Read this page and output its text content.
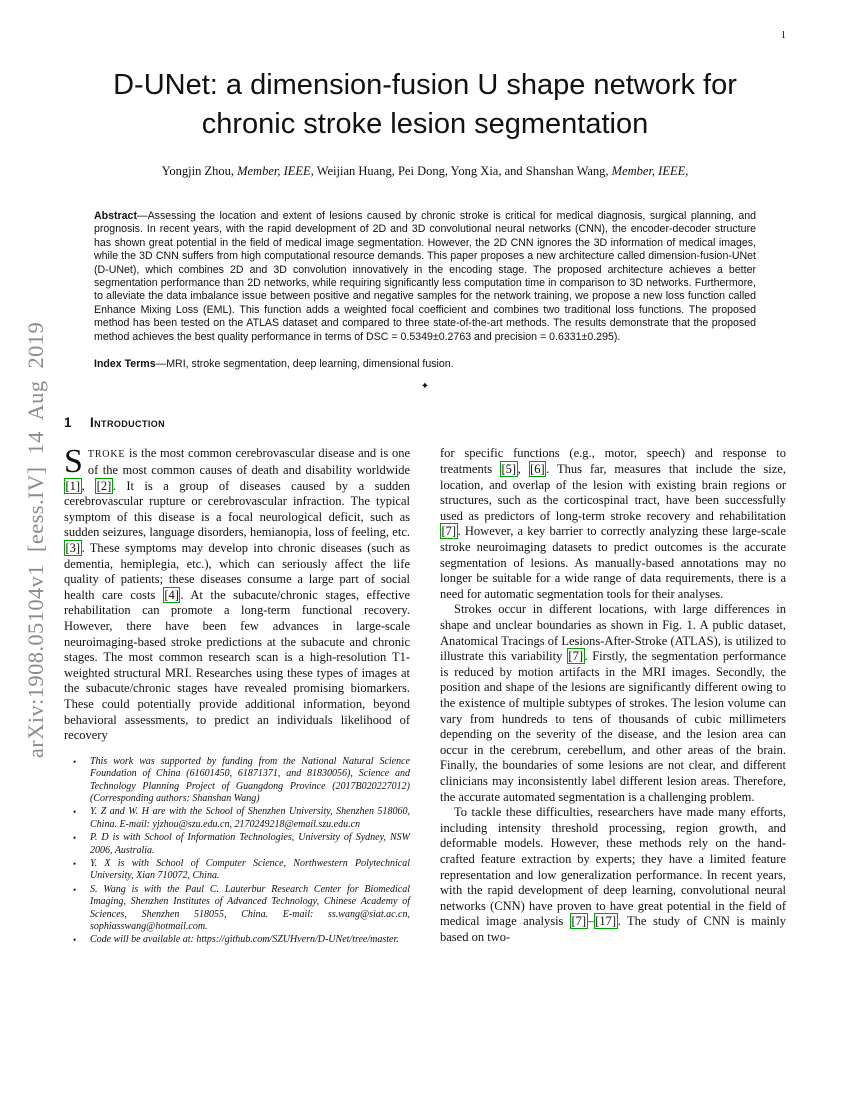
1
arXiv:1908.05104v1 [eess.IV] 14 Aug 2019
D-UNet: a dimension-fusion U shape network for chronic stroke lesion segmentation
Yongjin Zhou, Member, IEEE, Weijian Huang, Pei Dong, Yong Xia, and Shanshan Wang, Member, IEEE,
Abstract—Assessing the location and extent of lesions caused by chronic stroke is critical for medical diagnosis, surgical planning, and prognosis. In recent years, with the rapid development of 2D and 3D convolutional neural networks (CNN), the encoder-decoder structure has shown great potential in the field of medical image segmentation. However, the 2D CNN ignores the 3D information of medical images, while the 3D CNN suffers from high computational resource demands. This paper proposes a new architecture called dimension-fusion-UNet (D-UNet), which combines 2D and 3D convolution innovatively in the encoding stage. The proposed architecture achieves a better segmentation performance than 2D networks, while requiring significantly less computation time in comparison to 3D networks. Furthermore, to alleviate the data imbalance issue between positive and negative samples for the network training, we propose a new loss function called Enhance Mixing Loss (EML). This function adds a weighted focal coefficient and combines two traditional loss functions. The proposed method has been tested on the ATLAS dataset and compared to three state-of-the-art methods. The results demonstrate that the proposed method achieves the best quality performance in terms of DSC = 0.5349±0.2763 and precision = 0.6331±0.295).
Index Terms—MRI, stroke segmentation, deep learning, dimensional fusion.
✦
1 Introduction

STROKE is the most common cerebrovascular disease and is one of the most common causes of death and disability worldwide [1] , [2] . It is a group of diseases caused by a sudden cerebrovascular rupture or cerebrovascular infraction. The typical symptom of this disease is a focal neurological deficit, such as sudden seizures, language disorders, hemianopia, loss of feeling, etc. [3] . These symptoms may develop into chronic diseases (such as dementia, hemiplegia, etc.), which can seriously affect the life quality of patients; these diseases consume a large part of social health care costs [4] . At the subacute/chronic stages, effective rehabilitation can promote a long-term functional recovery. However, there have been few advances in large-scale neuroimaging-based stroke predictions at the subacute and chronic stages. The most common research scan is a high-resolution T1-weighted structural MRI. Researches using these types of images at the subacute/chronic stages have revealed promising biomarkers. These could potentially provide additional information, beyond behavioral assessments, to predict an individuals likelihood of recovery

• This work was supported by funding from the National Natural Science Foundation of China (61601450, 61871371, and 81830056), Science and Technology Planning Project of Guangdong Province (2017B020227012) (Corresponding authors: Shanshan Wang)
• Y. Z and W. H are with the School of Shenzhen University, Shenzhen 518060, China. E-mail: yjzhou@szu.edu.cn, 2170249218@email.szu.edu.cn
• P. D is with School of Information Technologies, University of Sydney, NSW 2006, Australia.
• Y. X is with School of Computer Science, Northwestern Polytechnical University, Xian 710072, China.
• S. Wang is with the Paul C. Lauterbur Research Center for Biomedical Imaging, Shenzhen Institutes of Advanced Technology, Chinese Academy of Sciences, Shenzhen 518055, China. E-mail: ss.wang@siat.ac.cn, sophiasswang@hotmail.com.
• Code will be available at: https://github.com/SZUHvern/D-UNet/tree/master.

for specific functions (e.g., motor, speech) and response to treatments [5] , [6] . Thus far, measures that include the size, location, and overlap of the lesion with existing brain regions or structures, such as the corticospinal tract, have been successfully used as predictors of long-term stroke recovery and rehabilitation [7] . However, a key barrier to correctly analyzing these large-scale stroke neuroimaging datasets to predict outcomes is the accurate segmentation of lesions. As manually-based annotations may no longer be suitable for a wide range of data requirements, there is a need for automatic segmentation tools for their analyses.

Strokes occur in different locations, with large differences in shape and unclear boundaries as shown in Fig. 1. A public dataset, Anatomical Tracings of Lesions-After-Stroke (ATLAS), is utilized to illustrate this variability [7] . Firstly, the segmentation performance is reduced by motion artifacts in the MRI images. Secondly, the position and shape of the lesions are significantly different owing to the existence of multiple subtypes of strokes. The lesion volume can vary from hundreds to tens of thousands of cubic millimeters depending on the severity of the disease, and the lesion area can occur in the cerebrum, cerebellum, and other areas of the brain. Finally, the boundaries of some lesions are not clear, and different clinicians may inconsistently label different lesion areas. Therefore, the accurate automated segmentation is a challenging problem.

To tackle these difficulties, researchers have made many efforts, including intensity threshold processing, region growth, and deformable models. However, these methods rely on the hand-crafted feature extraction by experts; they have a limited feature representation and low generalization performance. In recent years, with the rapid development of deep learning, convolutional neural networks (CNN) have proven to have great potential in the field of medical image analysis [7] – [17] . The study of CNN is mainly based on two-
